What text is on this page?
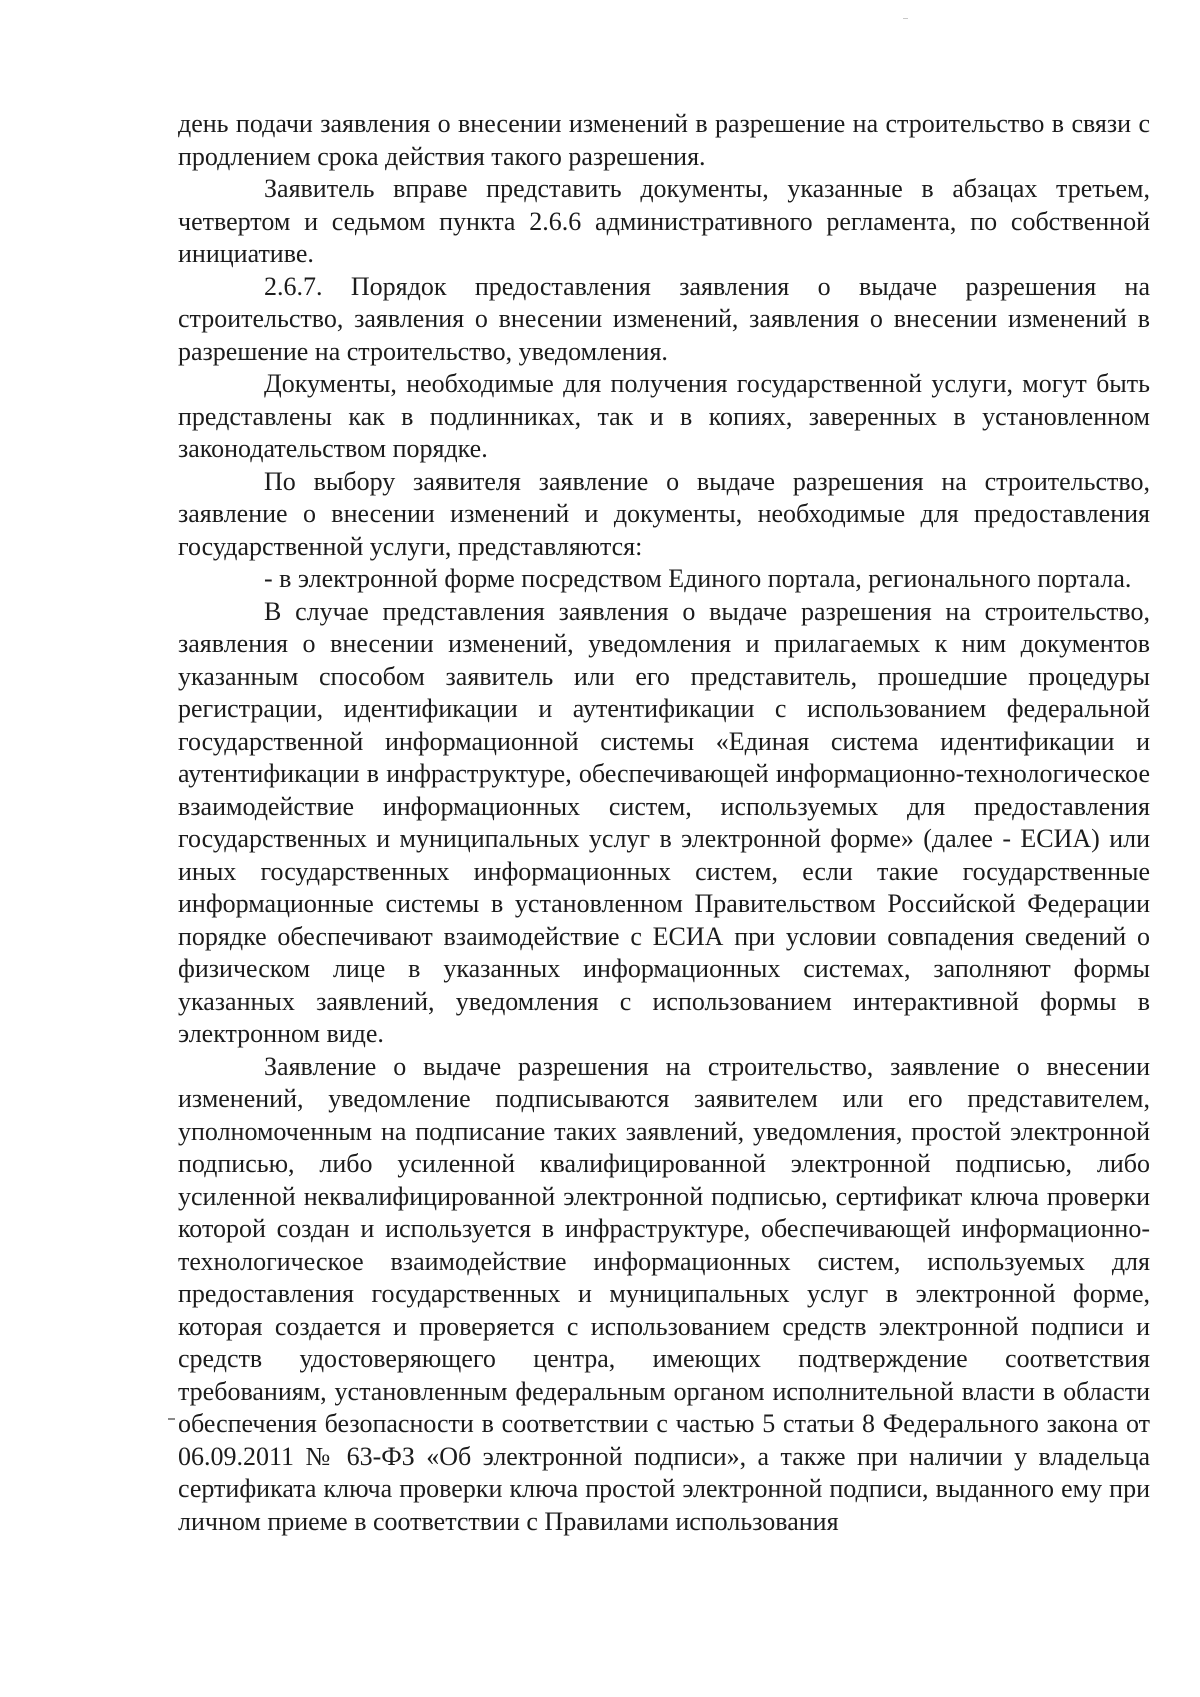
день подачи заявления о внесении изменений в разрешение на строительство в связи с продлением срока действия такого разрешения.

Заявитель вправе представить документы, указанные в абзацах третьем, четвертом и седьмом пункта 2.6.6 административного регламента, по собственной инициативе.

2.6.7. Порядок предоставления заявления о выдаче разрешения на строительство, заявления о внесении изменений, заявления о внесении изменений в разрешение на строительство, уведомления.

Документы, необходимые для получения государственной услуги, могут быть представлены как в подлинниках, так и в копиях, заверенных в установленном законодательством порядке.

По выбору заявителя заявление о выдаче разрешения на строительство, заявление о внесении изменений и документы, необходимые для предоставления государственной услуги, представляются:

- в электронной форме посредством Единого портала, регионального портала.

В случае представления заявления о выдаче разрешения на строительство, заявления о внесении изменений, уведомления и прилагаемых к ним документов указанным способом заявитель или его представитель, прошедшие процедуры регистрации, идентификации и аутентификации с использованием федеральной государственной информационной системы «Единая система идентификации и аутентификации в инфраструктуре, обеспечивающей информационно-технологическое взаимодействие информационных систем, используемых для предоставления государственных и муниципальных услуг в электронной форме» (далее - ЕСИА) или иных государственных информационных систем, если такие государственные информационные системы в установленном Правительством Российской Федерации порядке обеспечивают взаимодействие с ЕСИА при условии совпадения сведений о физическом лице в указанных информационных системах, заполняют формы указанных заявлений, уведомления с использованием интерактивной формы в электронном виде.

Заявление о выдаче разрешения на строительство, заявление о внесении изменений, уведомление подписываются заявителем или его представителем, уполномоченным на подписание таких заявлений, уведомления, простой электронной подписью, либо усиленной квалифицированной электронной подписью, либо усиленной неквалифицированной электронной подписью, сертификат ключа проверки которой создан и используется в инфраструктуре, обеспечивающей информационно-технологическое взаимодействие информационных систем, используемых для предоставления государственных и муниципальных услуг в электронной форме, которая создается и проверяется с использованием средств электронной подписи и средств удостоверяющего центра, имеющих подтверждение соответствия требованиям, установленным федеральным органом исполнительной власти в области обеспечения безопасности в соответствии с частью 5 статьи 8 Федерального закона от 06.09.2011 № 63-ФЗ «Об электронной подписи», а также при наличии у владельца сертификата ключа проверки ключа простой электронной подписи, выданного ему при личном приеме в соответствии с Правилами использования
